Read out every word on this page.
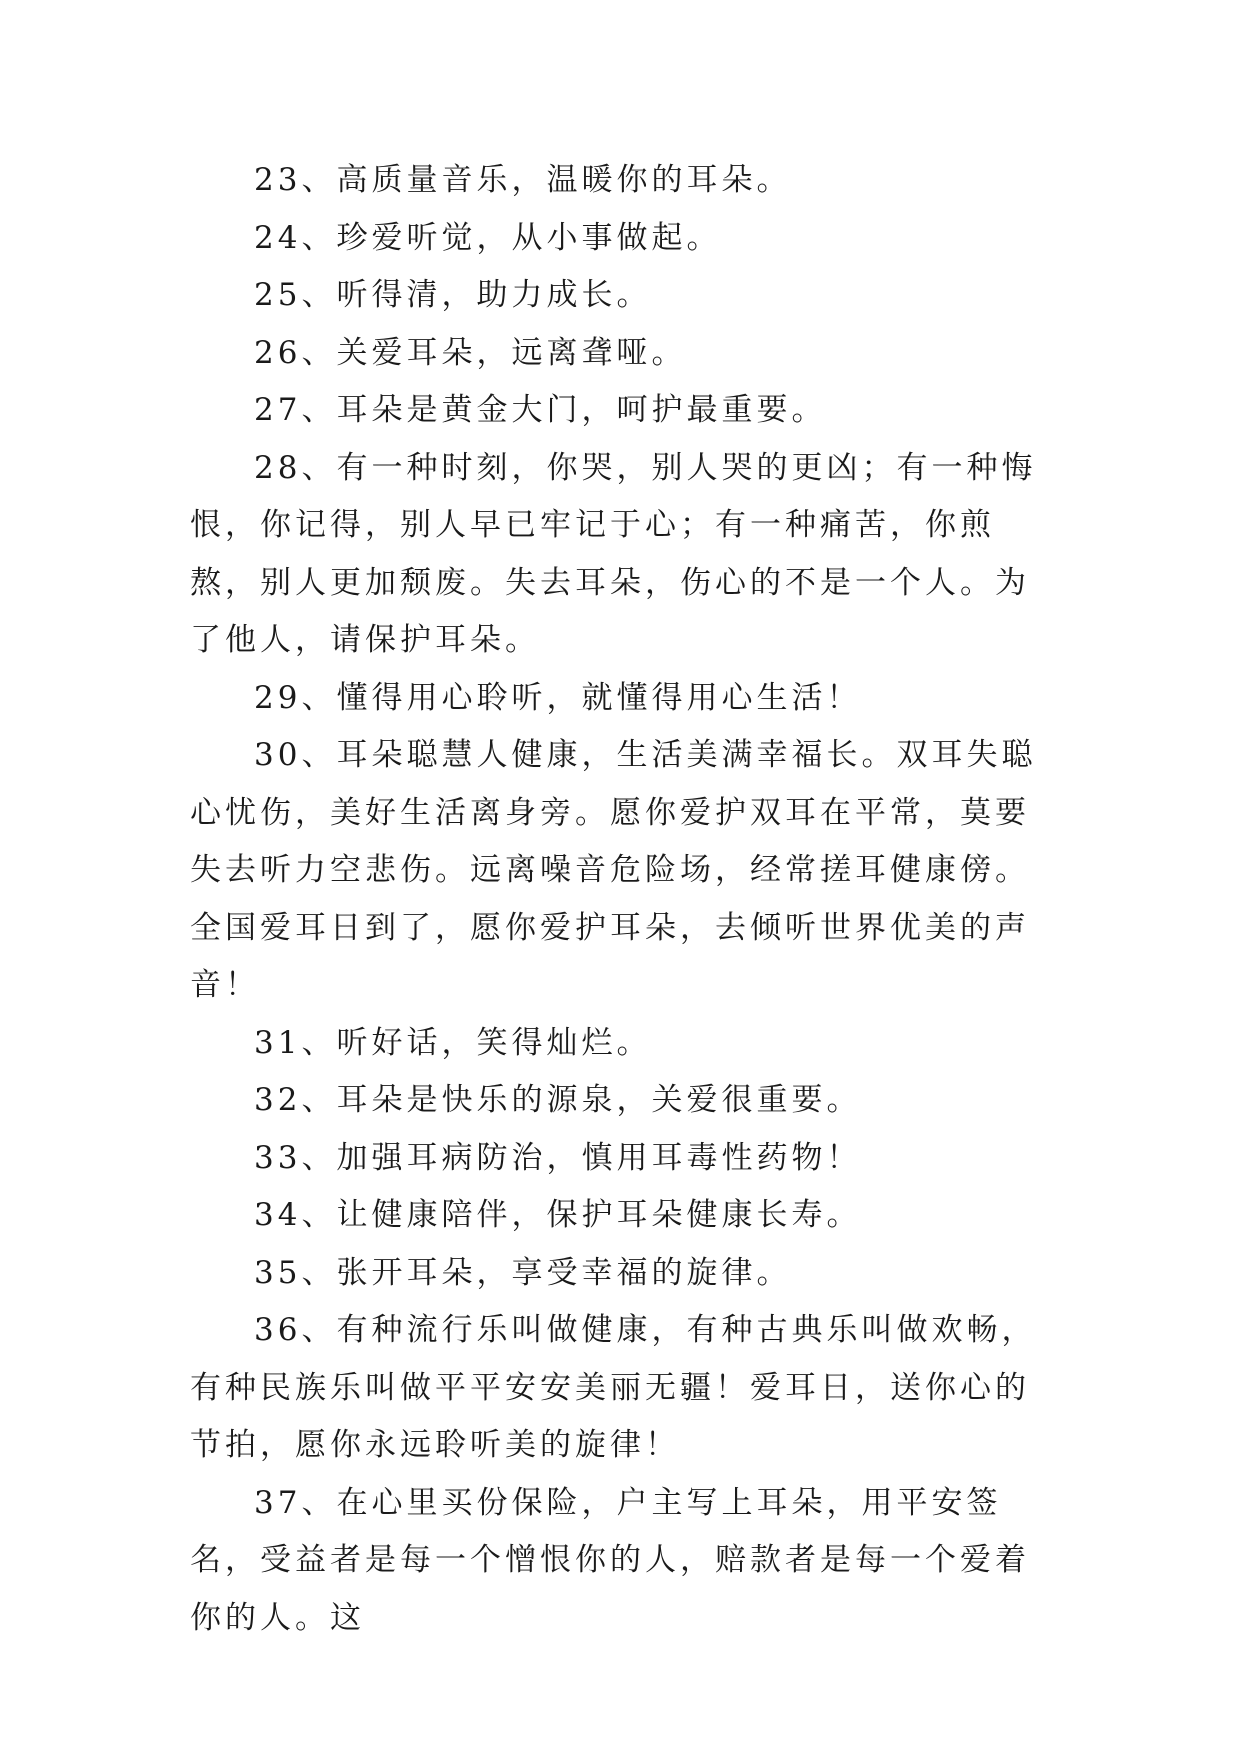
23、高质量音乐，温暖你的耳朵。

24、珍爱听觉，从小事做起。

25、听得清，助力成长。

26、关爱耳朵，远离聋哑。

27、耳朵是黄金大门，呵护最重要。

28、有一种时刻，你哭，别人哭的更凶；有一种悔恨，你记得，别人早已牢记于心；有一种痛苦，你煎熬，别人更加颓废。失去耳朵，伤心的不是一个人。为了他人，请保护耳朵。

29、懂得用心聆听，就懂得用心生活！

30、耳朵聪慧人健康，生活美满幸福长。双耳失聪心忧伤，美好生活离身旁。愿你爱护双耳在平常，莫要失去听力空悲伤。远离噪音危险场，经常搓耳健康傍。全国爱耳日到了，愿你爱护耳朵，去倾听世界优美的声音！

31、听好话，笑得灿烂。

32、耳朵是快乐的源泉，关爱很重要。

33、加强耳病防治，慎用耳毒性药物！

34、让健康陪伴，保护耳朵健康长寿。

35、张开耳朵，享受幸福的旋律。

36、有种流行乐叫做健康，有种古典乐叫做欢畅，有种民族乐叫做平平安安美丽无疆！爱耳日，送你心的节拍，愿你永远聆听美的旋律！

37、在心里买份保险，户主写上耳朵，用平安签名，受益者是每一个憎恨你的人，赔款者是每一个爱着你的人。这
